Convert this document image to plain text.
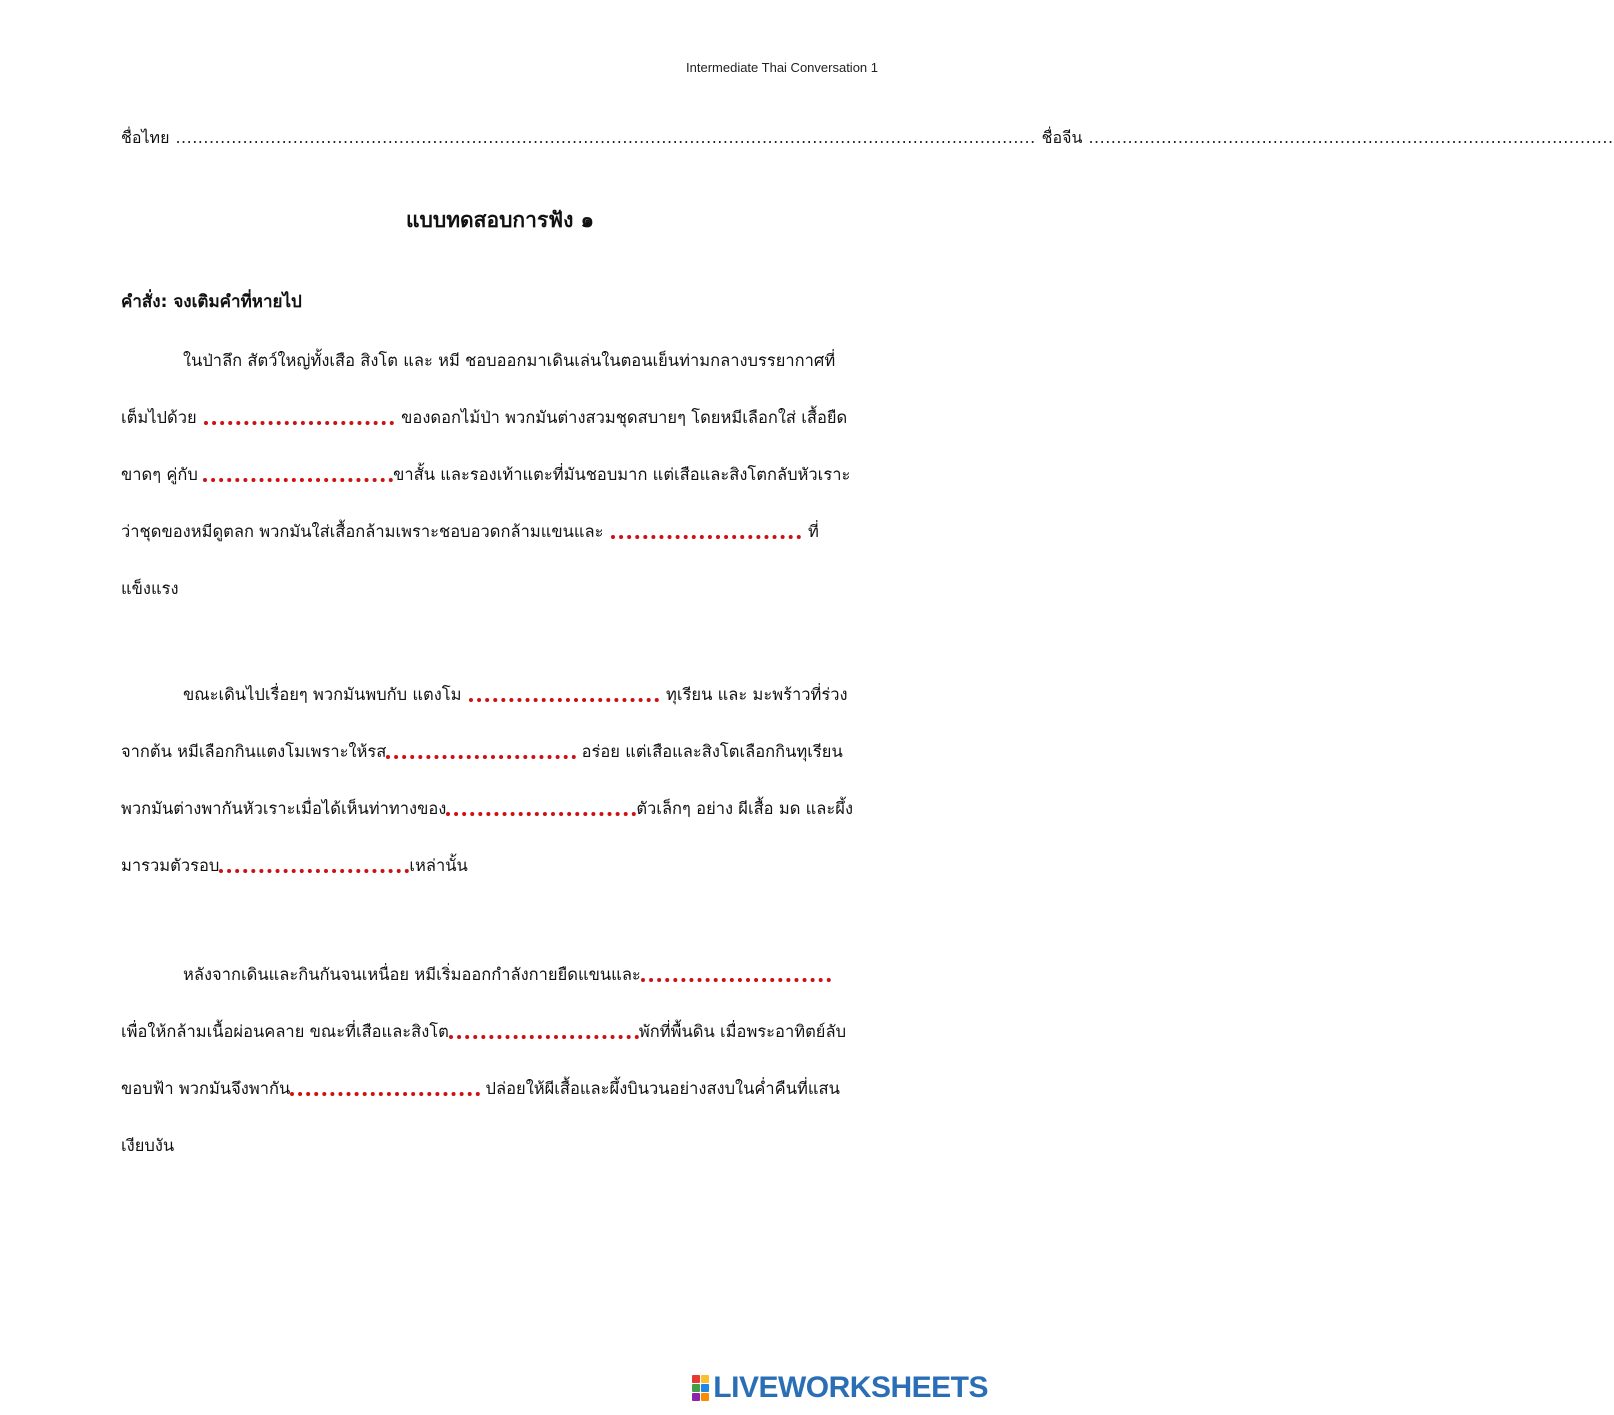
Intermediate Thai Conversation 1
ชื่อไทย .......................................................................................................................................................... ชื่อจีน ..............................................................................................
แบบทดสอบการฟัง ๑
คำสั่ง: จงเติมคำที่หายไป
ในป่าลึก สัตว์ใหญ่ทั้งเสือ สิงโต และ หมี ชอบออกมาเดินเล่นในตอนเย็นท่ามกลางบรรยากาศที่
เต็มไปด้วย	ของดอกไม้ป่า พวกมันต่างสวมชุดสบายๆ โดยหมีเลือกใส่ เสื้อยืด
ขาดๆ คู่กับ	ขาสั้น และรองเท้าแตะที่มันชอบมาก แต่เสือและสิงโตกลับหัวเราะ
ว่าชุดของหมีดูตลก พวกมันใส่เสื้อกล้ามเพราะชอบอวดกล้ามแขนและ	ที่
แข็งแรง
ขณะเดินไปเรื่อยๆ พวกมันพบกับ แตงโม	ทุเรียน และ มะพร้าวที่ร่วง
จากต้น หมีเลือกกินแตงโมเพราะให้รส	อร่อย แต่เสือและสิงโตเลือกกินทุเรียน
พวกมันต่างพากันหัวเราะเมื่อได้เห็นท่าทางของ	ตัวเล็กๆ อย่าง ผีเสื้อ มด และผึ้ง
มารวมตัวรอบ	เหล่านั้น
หลังจากเดินและกินกันจนเหนื่อย หมีเริ่มออกกำลังกายยืดแขนและ
เพื่อให้กล้ามเนื้อผ่อนคลาย ขณะที่เสือและสิงโต	พักที่พื้นดิน เมื่อพระอาทิตย์ลับ
ขอบฟ้า พวกมันจึงพากัน	ปล่อยให้ผีเสื้อและผึ้งบินวนอย่างสงบในค่ำคืนที่แสน
เงียบงัน
LIVEWORKSHEETS
